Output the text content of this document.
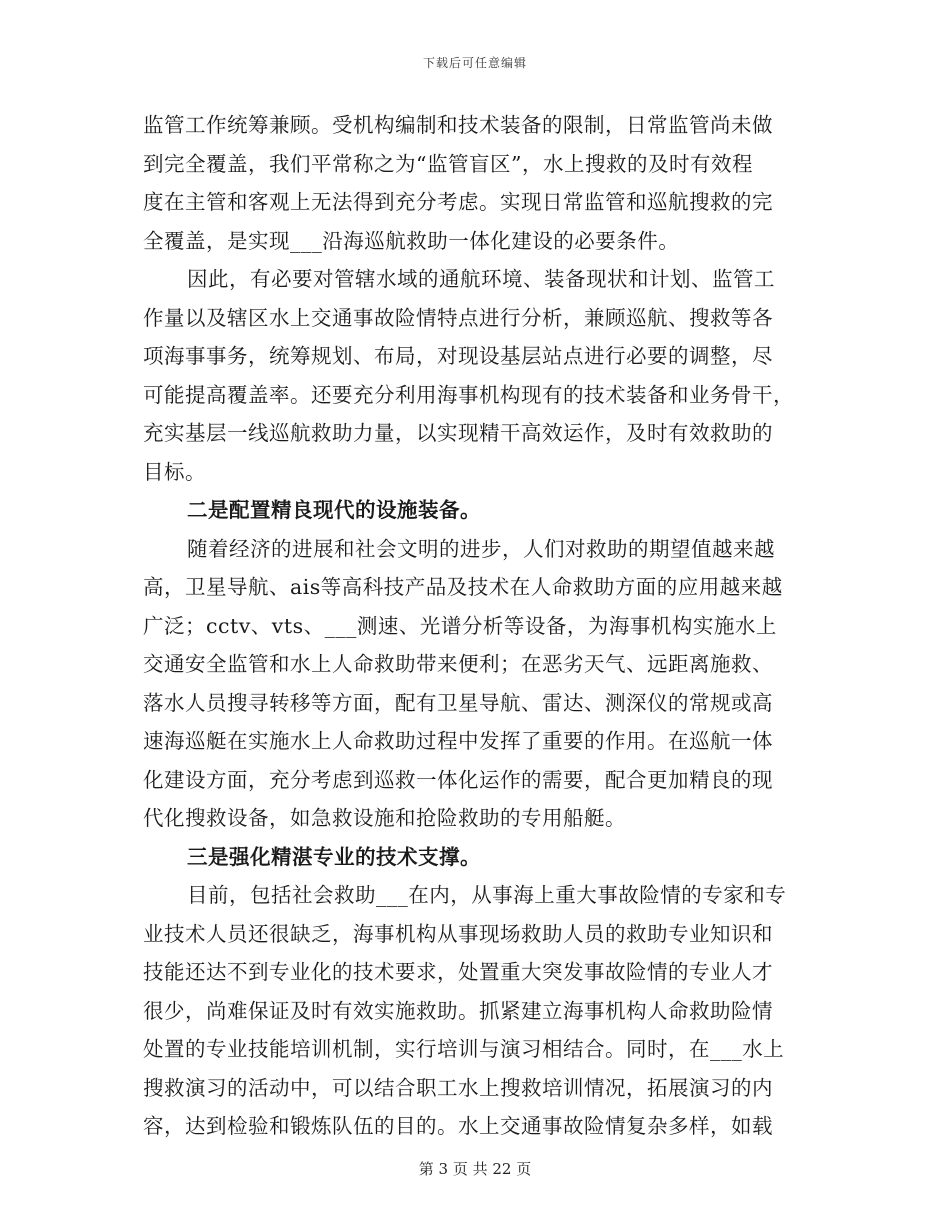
下载后可任意编辑
监管工作统筹兼顾。受机构编制和技术装备的限制，日常监管尚未做
到完全覆盖，我们平常称之为“监管盲区”，水上搜救的及时有效程
度在主管和客观上无法得到充分考虑。实现日常监管和巡航搜救的完
全覆盖，是实现___沿海巡航救助一体化建设的必要条件。
因此，有必要对管辖水域的通航环境、装备现状和计划、监管工
作量以及辖区水上交通事故险情特点进行分析，兼顾巡航、搜救等各
项海事事务，统筹规划、布局，对现设基层站点进行必要的调整，尽
可能提高覆盖率。还要充分利用海事机构现有的技术装备和业务骨干，
充实基层一线巡航救助力量，以实现精干高效运作，及时有效救助的
目标。
二是配置精良现代的设施装备。
随着经济的进展和社会文明的进步，人们对救助的期望值越来越
高，卫星导航、ais等高科技产品及技术在人命救助方面的应用越来越
广泛；cctv、vts、___测速、光谱分析等设备，为海事机构实施水上
交通安全监管和水上人命救助带来便利；在恶劣天气、远距离施救、
落水人员搜寻转移等方面，配有卫星导航、雷达、测深仪的常规或高
速海巡艇在实施水上人命救助过程中发挥了重要的作用。在巡航一体
化建设方面，充分考虑到巡救一体化运作的需要，配合更加精良的现
代化搜救设备，如急救设施和抢险救助的专用船艇。
三是强化精湛专业的技术支撑。
目前，包括社会救助___在内，从事海上重大事故险情的专家和专
业技术人员还很缺乏，海事机构从事现场救助人员的救助专业知识和
技能还达不到专业化的技术要求，处置重大突发事故险情的专业人才
很少，尚难保证及时有效实施救助。抓紧建立海事机构人命救助险情
处置的专业技能培训机制，实行培训与演习相结合。同时，在___水上
搜救演习的活动中，可以结合职工水上搜救培训情况，拓展演习的内
容，达到检验和锻炼队伍的目的。水上交通事故险情复杂多样，如载
第 3 页 共 22 页
